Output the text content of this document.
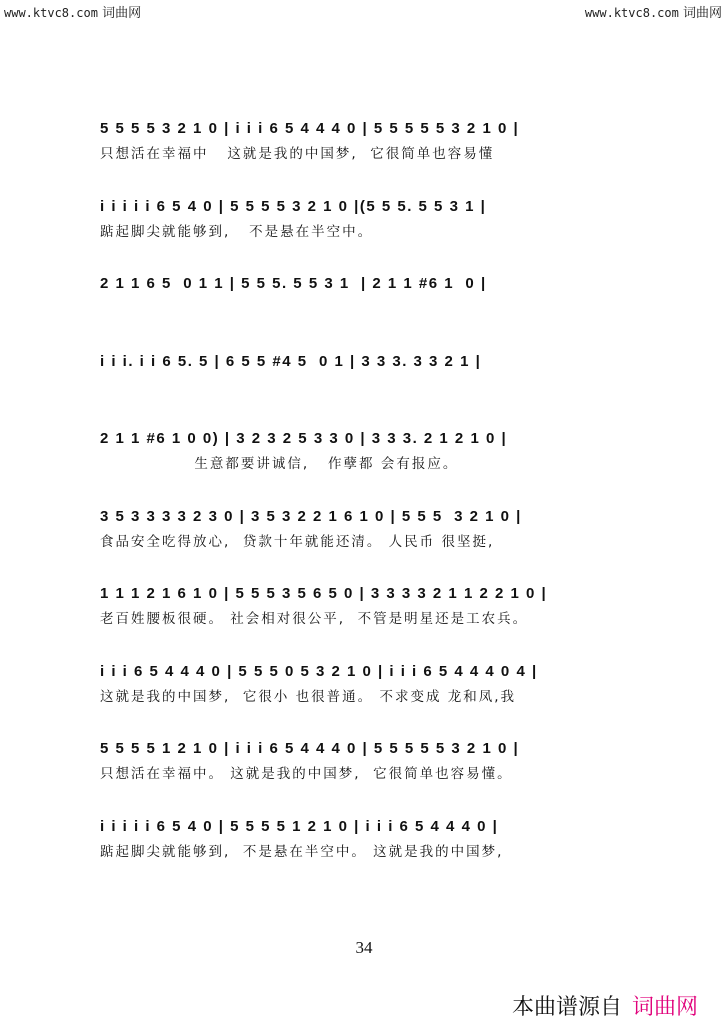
www.ktvc8.com 词曲网	www.ktvc8.com 词曲网
5 5 5 5 3 2 1 0 | i i i 6 5 4 4 4 0 | 5 5 5 5 5 3 2 1 0 |
只想活在幸福中   这就是我的中国梦,  它很简单也容易懂
i i i i i 6 5 4 0 | 5 5 5 5 3 2 1 0 |(5 5 5. 5 5 3 1 |
踮起脚尖就能够到,   不是悬在半空中。
2 1 1 6 5  0 1 1 | 5 5 5. 5 5 3 1  | 2 1 1 #6 1  0 |
i i i. i i 6 5. 5 | 6 5 5 #4 5  0 1 | 3 3 3. 3 3 2 1 |
2 1 1 #6 1 0 0) | 3 2 3 2 5 3 3 0 | 3 3 3. 2 1 2 1 0 |
生意都要讲诚信,   作孽都 会有报应。
3 5 3 3 3 3 2 3 0 | 3 5 3 2 2 1 6 1 0 | 5 5 5  3 2 1 0 |
食品安全吃得放心,  贷款十年就能还清。 人民币 很坚挺,
1 1 1 2 1 6 1 0 | 5 5 5 3 5 6 5 0 | 3 3 3 3 2 1 1 2 2 1 0 |
老百姓腰板很硬。 社会相对很公平,  不管是明星还是工农兵。
i i i 6 5 4 4 4 0 | 5 5 5 0 5 3 2 1 0 | i i i 6 5 4 4 4 0 4 |
这就是我的中国梦,  它很小 也很普通。 不求变成 龙和凤,我
5 5 5 5 1 2 1 0 | i i i 6 5 4 4 4 0 | 5 5 5 5 5 3 2 1 0 |
只想活在幸福中。 这就是我的中国梦,  它很简单也容易懂。
i i i i i 6 5 4 0 | 5 5 5 5 1 2 1 0 | i i i 6 5 4 4 4 0 |
踮起脚尖就能够到,  不是悬在半空中。 这就是我的中国梦,
34
本曲谱源自 词曲网
